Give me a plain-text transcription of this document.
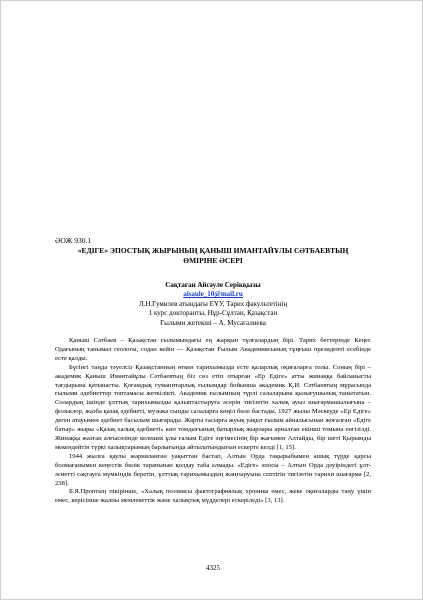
ӘОЖ 930.1
«ЕДІГЕ» ЭПОСТЫҚ ЖЫРЫНЫҢ ҚАНЫШ ИМАНТАЙҰЛЫ СӘТБАЕВТЫҢ
ӨМІРІНЕ ӘСЕРІ
Сақтаған Айсәуле Серікқызы
aisaule_10@mail.ru
Л.Н.Гумилев атындағы ЕҰУ, Тарих факультетінің
1 курс докторанты, Нұр-Сұлтан, Қазақстан
Ғылыми жетекші – А. Мусагалиева

Қаныш Сәтбаев – Қазақстан ғылымындағы ең жарқын тұлғалардың бірі. Тарих беттерінде Кеңес Одағының танымал геологы, содан кейін — Қазақстан Ғылым Академиясының тұңғыш президенті есебінде есте қалды.

Бүгінгі таңда тәуелсіз Қазақстанның өткен тарихымызда есте қаларлық оқиғаларға толы. Соның бірі – академик Қаныш Имантайұлы Сәтбаевтың біз сөз етіп отырған «Ер Едіге» атты жинаққа байланысты тағдырына қатынасты. Қоғамдық гуманитарлық ғылымдар бойынша академик Қ.И. Сәтбаевтың мұрасында ғылыми әдебиеттер топтамасы жеткілікті. Академик ғылымның түрлі салаларына қызығушылық танытатын. Солардың ішінде ұлттық тарихымызды қалыптастыруға әсерін тигізетін халық ауыз шығармашылығына – фольклор, жазба қазақ әдебиеті, музыка сынды салаларға көңіл бөле бастады. 1927 жылы Мәскеуде «Ер Едіге» деген атауымен әдебиет басылым шығарады. Жарты ғасырға жуық уақыт ғылым айналысынан жоғалған «Едіге батыр» жыры «Қазақ халық әдебиеті» көп томдығының батырлық жырлары арналған екінші томына енгізілді. Жинаққа жазған алғысөзінде келешек ұлы ғалым Едіге әңгімесінің бір жағымен Алтайды, бір шеті Қырымды мекендейтін түркі халықтарының барлығында айтылатындығын ескерте келді [1, 15].

1944 жылға қаулы жарияланған уақыттан бастап, Алтын Орда тақырыбымен ашық түрде қарсы болмағанымен кеңестік билік тарапынан қолдау таба алмады. «Едіге» эпосы – Алтын Орда дәуіріндегі ұлт-әсиетті сақтауға мүмкіндік беретін, ұлттық тарихымыздың жаңғыруына септігін тигізетін тарихи шығарма [2, 238].

Б.Я.Проптың пікірінше, «Халық поэзиясы фактографиялық хроника емес, жеке оқиғаларды таңу үшін емес, керісінше жалпы мемлекеттік және халықтық мүдделері ескеріледі» [3, 13].

4325
